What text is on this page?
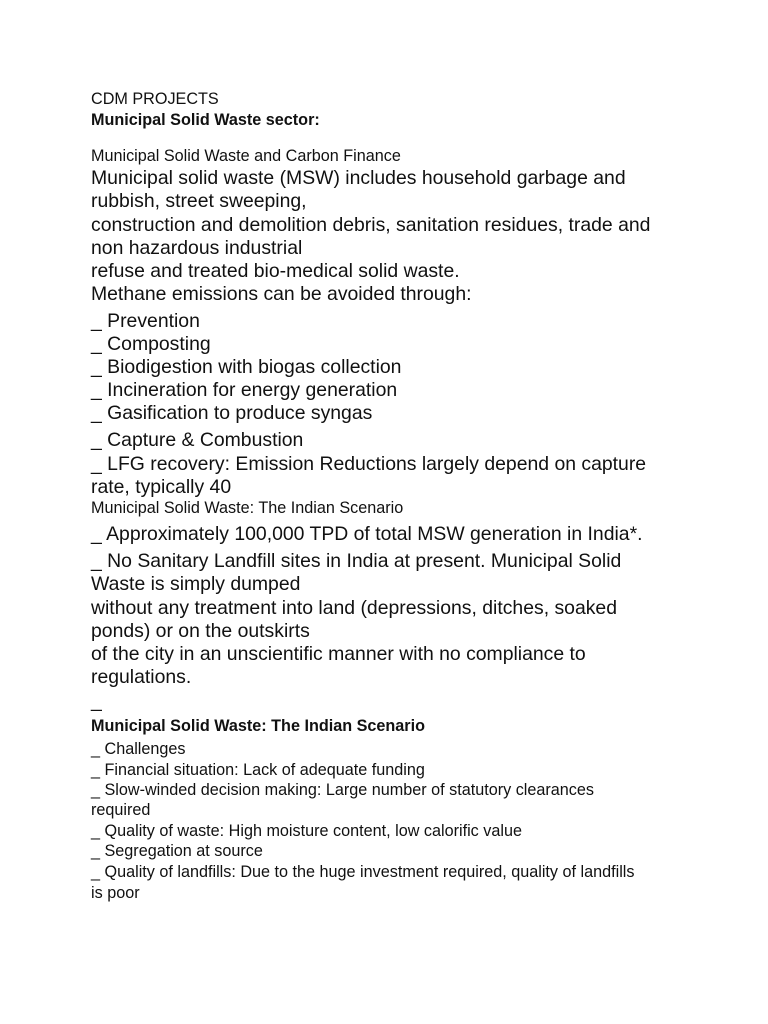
CDM PROJECTS
Municipal Solid Waste sector:
Municipal Solid Waste and Carbon Finance
Municipal solid waste (MSW) includes household garbage and
rubbish, street sweeping,
construction and demolition debris, sanitation residues, trade and
non hazardous industrial
refuse and treated bio-medical solid waste.
Methane emissions can be avoided through:
_ Prevention
_ Composting
_ Biodigestion with biogas collection
_ Incineration for energy generation
_ Gasification to produce syngas
_ Capture & Combustion
_ LFG recovery: Emission Reductions largely depend on capture
rate, typically 40
Municipal Solid Waste: The Indian Scenario
_ Approximately 100,000 TPD of total MSW generation in India*.
_ No Sanitary Landfill sites in India at present. Municipal Solid
Waste is simply dumped
without any treatment into land (depressions, ditches, soaked
ponds) or on the outskirts
of the city in an unscientific manner with no compliance to
regulations.
_
Municipal Solid Waste: The Indian Scenario
_ Challenges
_ Financial situation: Lack of adequate funding
_ Slow-winded decision making: Large number of statutory clearances
required
_ Quality of waste: High moisture content, low calorific value
_ Segregation at source
_ Quality of landfills: Due to the huge investment required, quality of landfills
is poor
